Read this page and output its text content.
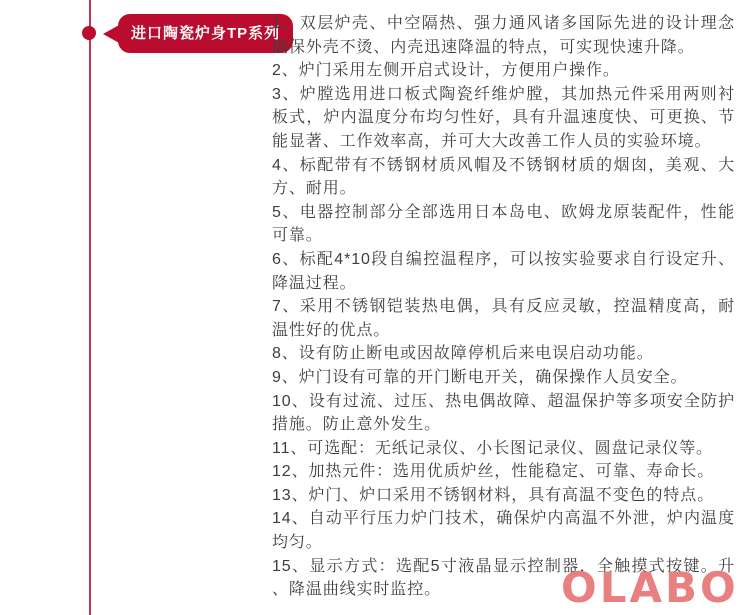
进口陶瓷炉身TP系列

1、双层炉壳、中空隔热、强力通风诸多国际先进的设计理念确保外壳不烫、内壳迅速降温的特点，可实现快速升降。

2、炉门采用左侧开启式设计，方便用户操作。

3、炉膛选用进口板式陶瓷纤维炉膛，其加热元件采用两则衬板式，炉内温度分布均匀性好，具有升温速度快、可更换、节能显著、工作效率高，并可大大改善工作人员的实验环境。

4、标配带有不锈钢材质风帽及不锈钢材质的烟囱，美观、大方、耐用。

5、电器控制部分全部选用日本岛电、欧姆龙原装配件，性能可靠。

6、标配4*10段自编控温程序，可以按实验要求自行设定升、降温过程。

7、采用不锈钢铠装热电偶，具有反应灵敏，控温精度高，耐温性好的优点。

8、设有防止断电或因故障停机后来电误启动功能。

9、炉门设有可靠的开门断电开关，确保操作人员安全。

10、设有过流、过压、热电偶故障、超温保护等多项安全防护措施。防止意外发生。

11、可选配：无纸记录仪、小长图记录仪、圆盘记录仪等。

12、加热元件：选用优质炉丝，性能稳定、可靠、寿命长。

13、炉门、炉口采用不锈钢材料，具有高温不变色的特点。

14、自动平行压力炉门技术，确保炉内高温不外泄，炉内温度均匀。

15、显示方式：选配5寸液晶显示控制器，全触摸式按键。升、降温曲线实时监控。	OLABO
